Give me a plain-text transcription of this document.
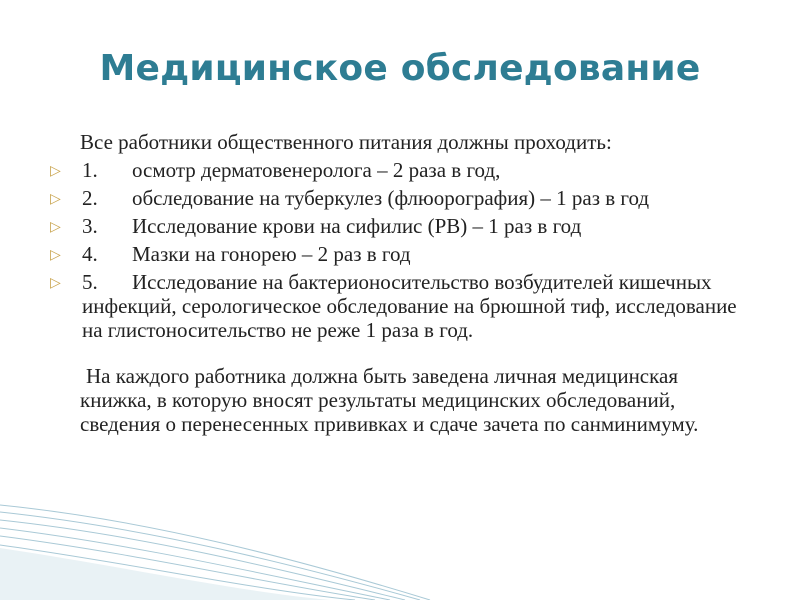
Медицинское обследование

Все работники общественного питания должны проходить:

▷ 1. осмотр дерматовенеролога – 2 раза в год,
▷ 2. обследование на туберкулез (флюорография) – 1 раз в год
▷ 3. Исследование крови на сифилис (РВ) – 1 раз в год
▷ 4. Мазки на гонорею – 2 раз в год
▷ 5. Исследование на бактерионосительство возбудителей кишечных инфекций, серологическое обследование на брюшной тиф, исследование на глистоносительство не реже 1 раза в год.

На каждого работника должна быть заведена личная медицинская книжка, в которую вносят результаты медицинских обследований, сведения о перенесенных прививках и сдаче зачета по санминимуму.
